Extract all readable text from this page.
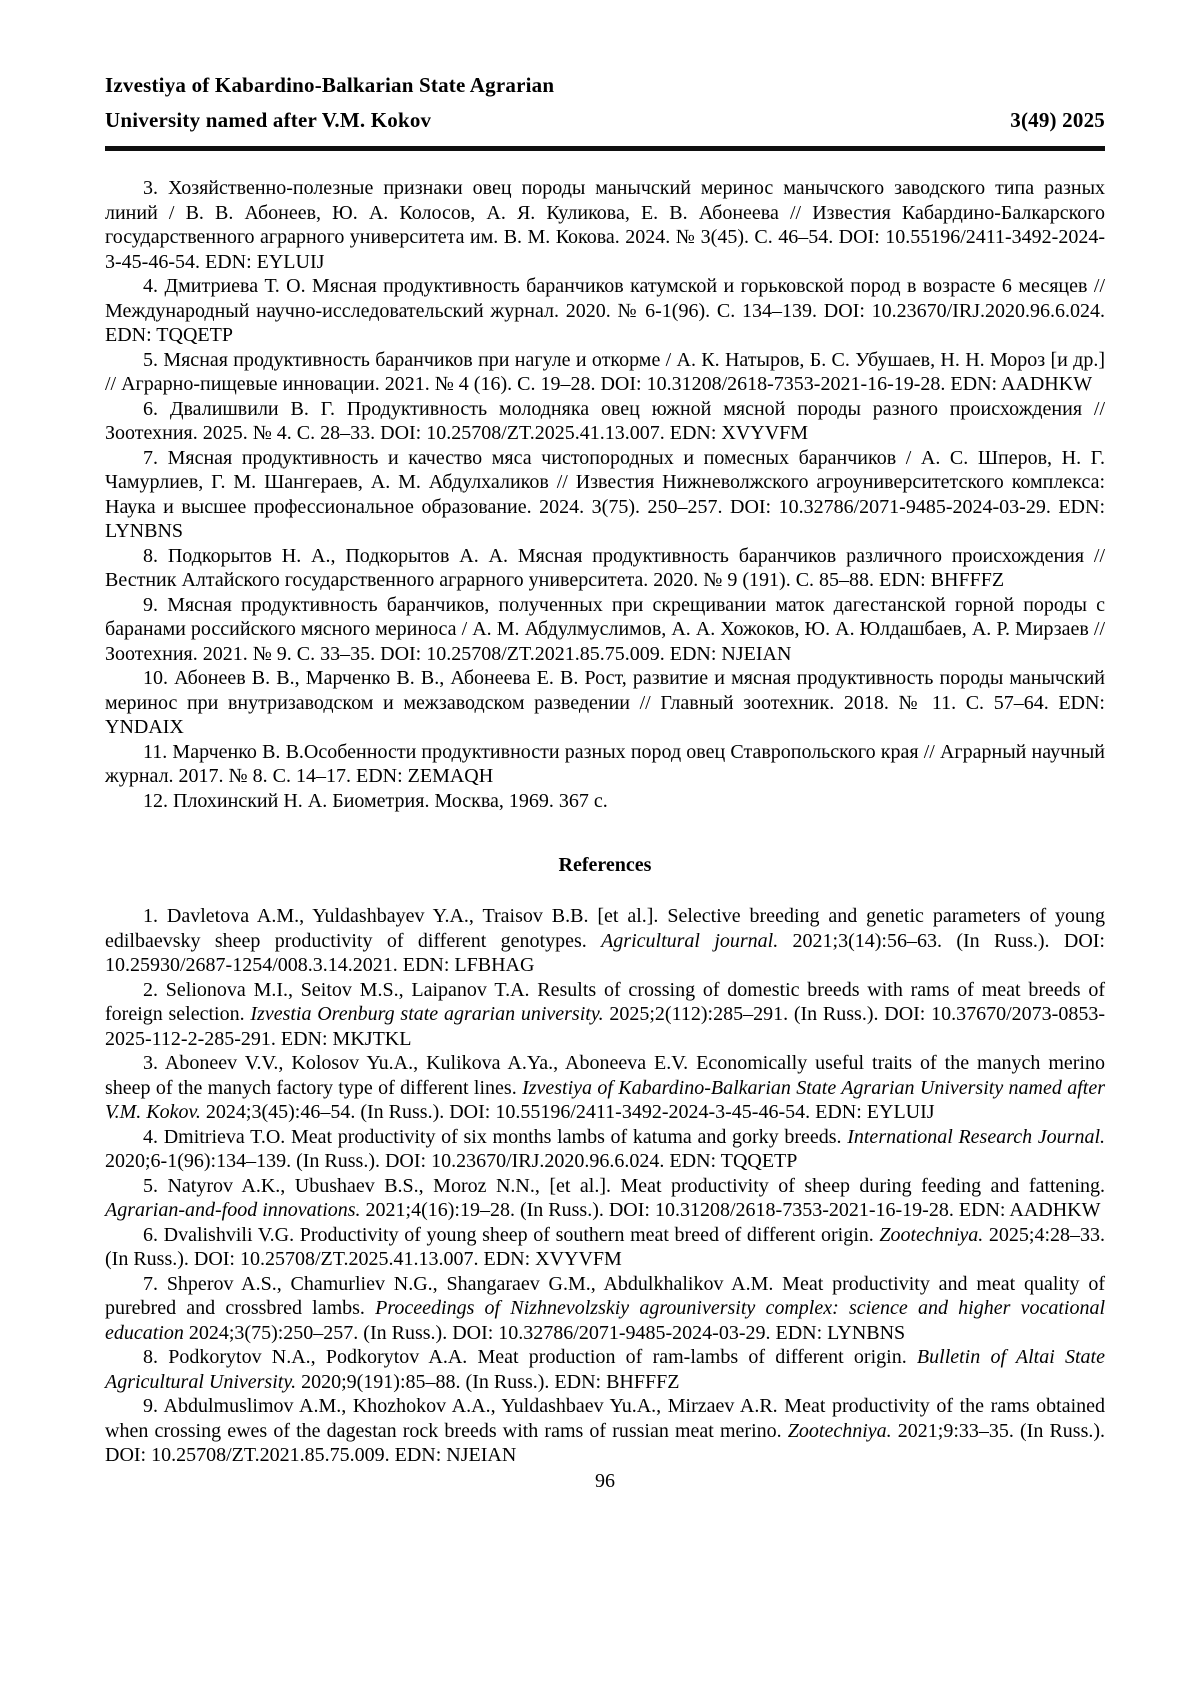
Izvestiya of Kabardino-Balkarian State Agrarian
University named after V.M. Kokov	3(49) 2025

3. Хозяйственно-полезные признаки овец породы манычский меринос манычского заводского типа разных линий / В. В. Абонеев, Ю. А. Колосов, А. Я. Куликова, Е. В. Абонеева // Известия Кабардино-Балкарского государственного аграрного университета им. В. М. Кокова. 2024. № 3(45). С. 46–54. DOI: 10.55196/2411-3492-2024-3-45-46-54. EDN: EYLUIJ

4. Дмитриева Т. О. Мясная продуктивность баранчиков катумской и горьковской пород в возрасте 6 месяцев // Международный научно-исследовательский журнал. 2020. № 6-1(96). С. 134–139. DOI: 10.23670/IRJ.2020.96.6.024. EDN: TQQETP

5. Мясная продуктивность баранчиков при нагуле и откорме / А. К. Натыров, Б. С. Убушаев, Н. Н. Мороз [и др.] // Аграрно-пищевые инновации. 2021. № 4 (16). С. 19–28. DOI: 10.31208/2618-7353-2021-16-19-28. EDN: AADHKW

6. Двалишвили В. Г. Продуктивность молодняка овец южной мясной породы разного происхождения // Зоотехния. 2025. № 4. С. 28–33. DOI: 10.25708/ZT.2025.41.13.007. EDN: XVYVFM

7. Мясная продуктивность и качество мяса чистопородных и помесных баранчиков / А. С. Шперов, Н. Г. Чамурлиев, Г. М. Шангераев, А. М. Абдулхаликов // Известия Нижневолжского агроуниверситетского комплекса: Наука и высшее профессиональное образование. 2024. 3(75). 250–257. DOI: 10.32786/2071-9485-2024-03-29. EDN: LYNBNS

8. Подкорытов Н. А., Подкорытов А. А. Мясная продуктивность баранчиков различного происхождения // Вестник Алтайского государственного аграрного университета. 2020. № 9 (191). С. 85–88. EDN: BHFFFZ

9. Мясная продуктивность баранчиков, полученных при скрещивании маток дагестанской горной породы с баранами российского мясного мериноса / А. М. Абдулмуслимов, А. А. Хожоков, Ю. А. Юлдашбаев, А. Р. Мирзаев // Зоотехния. 2021. № 9. С. 33–35. DOI: 10.25708/ZT.2021.85.75.009. EDN: NJEIAN

10. Абонеев В. В., Марченко В. В., Абонеева Е. В. Рост, развитие и мясная продуктивность породы манычский меринос при внутризаводском и межзаводском разведении // Главный зоотехник. 2018. № 11. С. 57–64. EDN: YNDAIX

11. Марченко В. В.Особенности продуктивности разных пород овец Ставропольского края // Аграрный научный журнал. 2017. № 8. С. 14–17. EDN: ZEMAQH

12. Плохинский Н. А. Биометрия. Москва, 1969. 367 с.

References

1. Davletova A.M., Yuldashbayev Y.A., Traisov B.B. [et al.]. Selective breeding and genetic parameters of young edilbaevsky sheep productivity of different genotypes. Agricultural journal. 2021;3(14):56–63. (In Russ.). DOI: 10.25930/2687-1254/008.3.14.2021. EDN: LFBHAG

2. Selionova M.I., Seitov M.S., Laipanov T.A. Results of crossing of domestic breeds with rams of meat breeds of foreign selection. Izvestia Orenburg state agrarian university. 2025;2(112):285–291. (In Russ.). DOI: 10.37670/2073-0853-2025-112-2-285-291. EDN: MKJTKL

3. Aboneev V.V., Kolosov Yu.A., Kulikova A.Ya., Aboneeva E.V. Economically useful traits of the manych merino sheep of the manych factory type of different lines. Izvestiya of Kabardino-Balkarian State Agrarian University named after V.M. Kokov. 2024;3(45):46–54. (In Russ.). DOI: 10.55196/2411-3492-2024-3-45-46-54. EDN: EYLUIJ

4. Dmitrieva T.O. Meat productivity of six months lambs of katuma and gorky breeds. International Research Journal. 2020;6-1(96):134–139. (In Russ.). DOI: 10.23670/IRJ.2020.96.6.024. EDN: TQQETP

5. Natyrov A.K., Ubushaev B.S., Moroz N.N., [et al.]. Meat productivity of sheep during feeding and fattening. Agrarian-and-food innovations. 2021;4(16):19–28. (In Russ.). DOI: 10.31208/2618-7353-2021-16-19-28. EDN: AADHKW

6. Dvalishvili V.G. Productivity of young sheep of southern meat breed of different origin. Zootechniya. 2025;4:28–33. (In Russ.). DOI: 10.25708/ZT.2025.41.13.007. EDN: XVYVFM

7. Shperov A.S., Chamurliev N.G., Shangaraev G.M., Abdulkhalikov A.M. Meat productivity and meat quality of purebred and crossbred lambs. Proceedings of Nizhnevolzskiy agrouniversity complex: science and higher vocational education 2024;3(75):250–257. (In Russ.). DOI: 10.32786/2071-9485-2024-03-29. EDN: LYNBNS

8. Podkorytov N.A., Podkorytov A.A. Meat production of ram-lambs of different origin. Bulletin of Altai State Agricultural University. 2020;9(191):85–88. (In Russ.). EDN: BHFFFZ

9. Abdulmuslimov A.M., Khozhokov A.A., Yuldashbaev Yu.A., Mirzaev A.R. Meat productivity of the rams obtained when crossing ewes of the dagestan rock breeds with rams of russian meat merino. Zootechniya. 2021;9:33–35. (In Russ.). DOI: 10.25708/ZT.2021.85.75.009. EDN: NJEIAN

96
